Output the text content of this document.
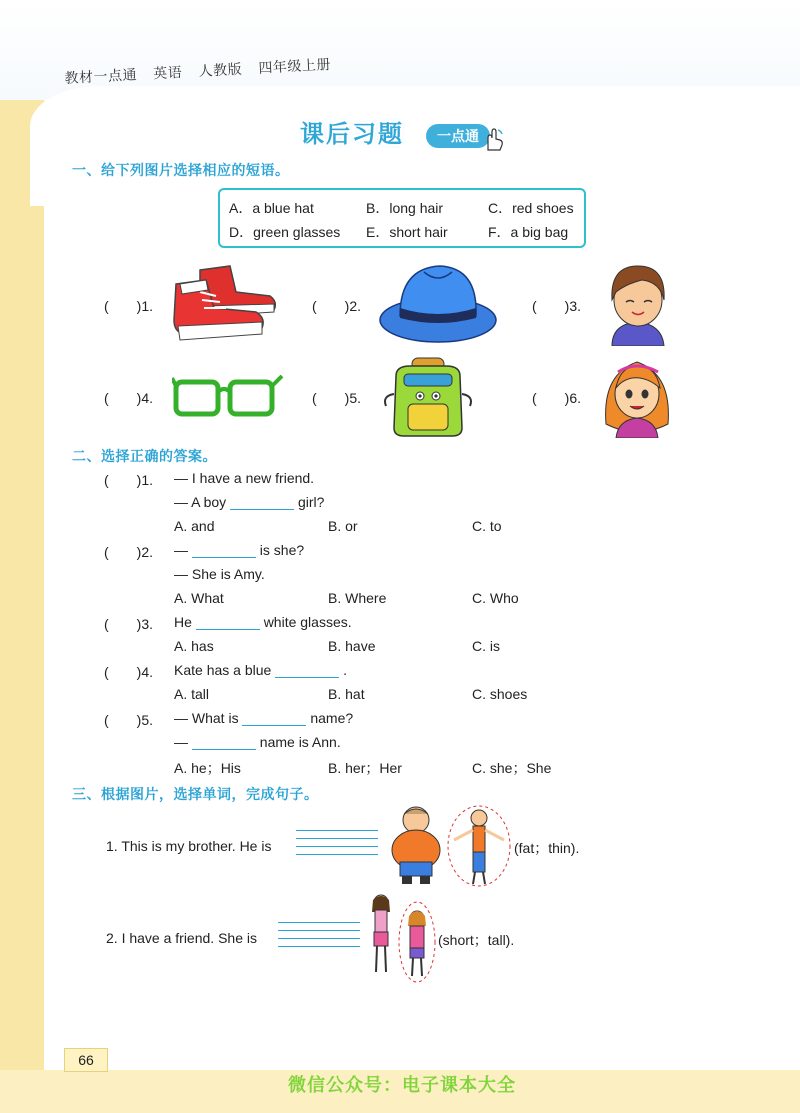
教材一点通 英语 人教版 四年级上册
课后习题	一点通
一、给下列图片选择相应的短语。
A．a blue hat	B．long hair	C．red shoes
D．green glasses E．short hair	F．a big bag
(　　)1.	(　　)2.	(　　)3.
(　　)4.	(　　)5.	(　　)6.
二、选择正确的答案。
(　　)1. — I have a new friend.
— A boy	girl?
A. and	B. or	C. to
(　　)2. —	is she?
— She is Amy.
A. What	B. Where	C. Who
(　　)3. He	white glasses.
A. has	B. have	C. is
(　　)4. Kate has a blue	.
A. tall	B. hat	C. shoes
(　　)5. — What is	name?
—	name is Ann.
A. he；His	B. her；Her	C. she；She
三、根据图片，选择单词，完成句子。
1. This is my brother. He is	(fat；thin).
2. I have a friend. She is	(short；tall).
66
微信公众号：电子课本大全
